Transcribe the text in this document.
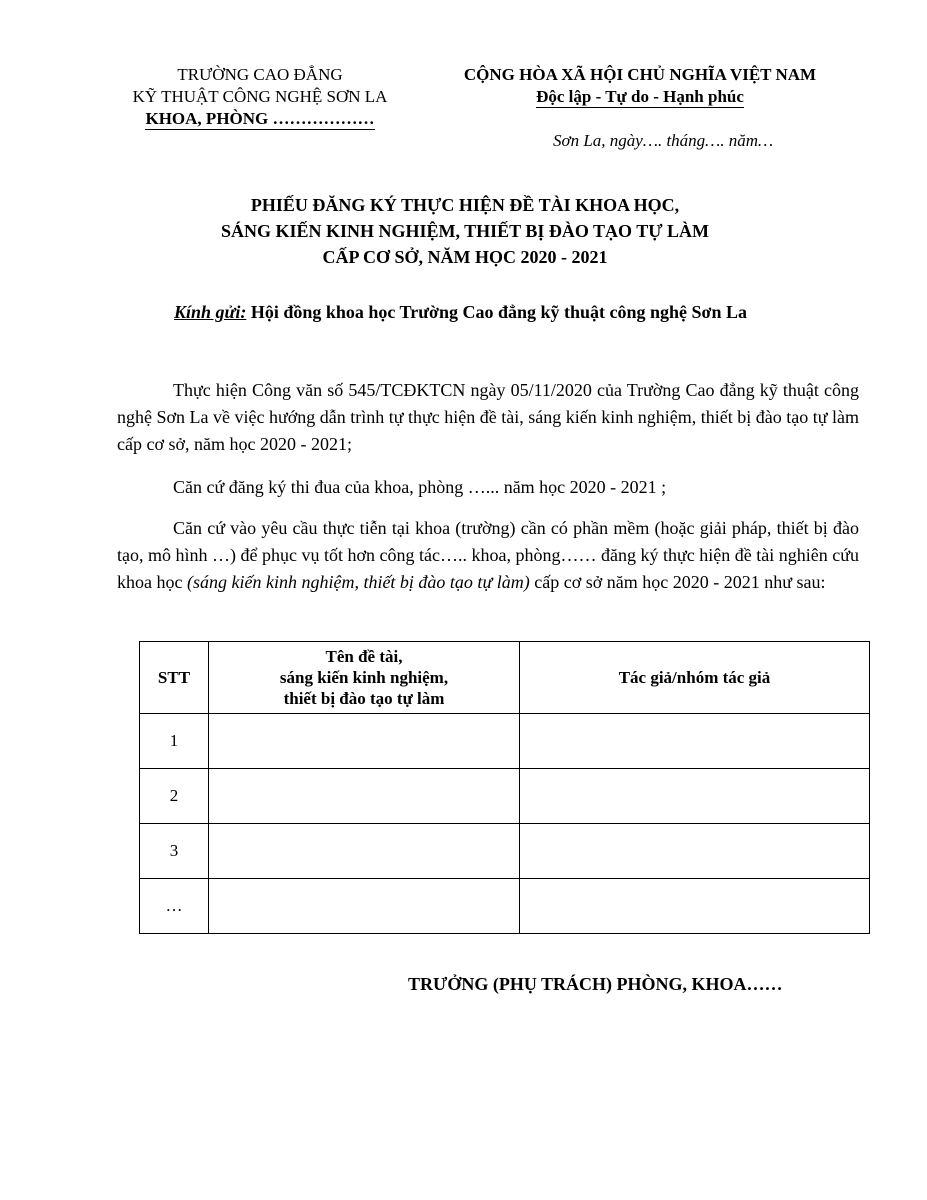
TRƯỜNG CAO ĐẲNG
KỸ THUẬT CÔNG NGHỆ SƠN LA
KHOA, PHÒNG ………………
CỘNG HÒA XÃ HỘI CHỦ NGHĨA VIỆT NAM
Độc lập - Tự do - Hạnh phúc
Sơn La, ngày…. tháng…. năm…
PHIẾU ĐĂNG KÝ THỰC HIỆN ĐỀ TÀI KHOA HỌC,
SÁNG KIẾN KINH NGHIỆM, THIẾT BỊ ĐÀO TẠO TỰ LÀM
CẤP CƠ SỞ, NĂM HỌC 2020 - 2021
Kính gửi: Hội đồng khoa học Trường Cao đẳng kỹ thuật công nghệ Sơn La
Thực hiện Công văn số 545/TCĐKTCN ngày 05/11/2020 của Trường Cao đẳng kỹ thuật công nghệ Sơn La về việc hướng dẫn trình tự thực hiện đề tài, sáng kiến kinh nghiệm, thiết bị đào tạo tự làm cấp cơ sở, năm học 2020 - 2021;
Căn cứ đăng ký thi đua của khoa, phòng …... năm học 2020 - 2021 ;
Căn cứ vào yêu cầu thực tiễn tại khoa (trường) cần có phần mềm (hoặc giải pháp, thiết bị đào tạo, mô hình …) để phục vụ tốt hơn công tác….. khoa, phòng…… đăng ký thực hiện đề tài nghiên cứu khoa học (sáng kiến kinh nghiệm, thiết bị đào tạo tự làm) cấp cơ sở năm học 2020 - 2021 như sau:
STT	Tên đề tài,
sáng kiến kinh nghiệm,
thiết bị đào tạo tự làm	Tác giả/nhóm tác giả
1		
2		
3		
…		
TRƯỞNG (PHỤ TRÁCH) PHÒNG, KHOA……
